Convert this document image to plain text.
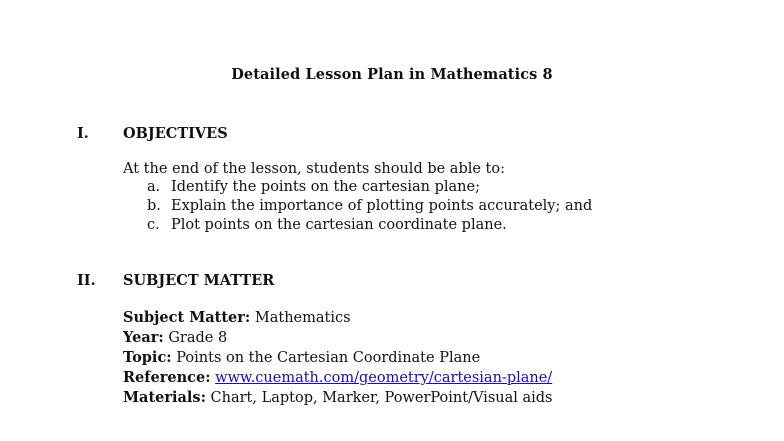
Detailed Lesson Plan in Mathematics 8
I. OBJECTIVES
At the end of the lesson, students should be able to:
a. Identify the points on the cartesian plane;
b. Explain the importance of plotting points accurately; and
c. Plot points on the cartesian coordinate plane.
II. SUBJECT MATTER
Subject Matter: Mathematics
Year: Grade 8
Topic: Points on the Cartesian Coordinate Plane
Reference: www.cuemath.com/geometry/cartesian-plane/
Materials: Chart, Laptop, Marker, PowerPoint/Visual aids
